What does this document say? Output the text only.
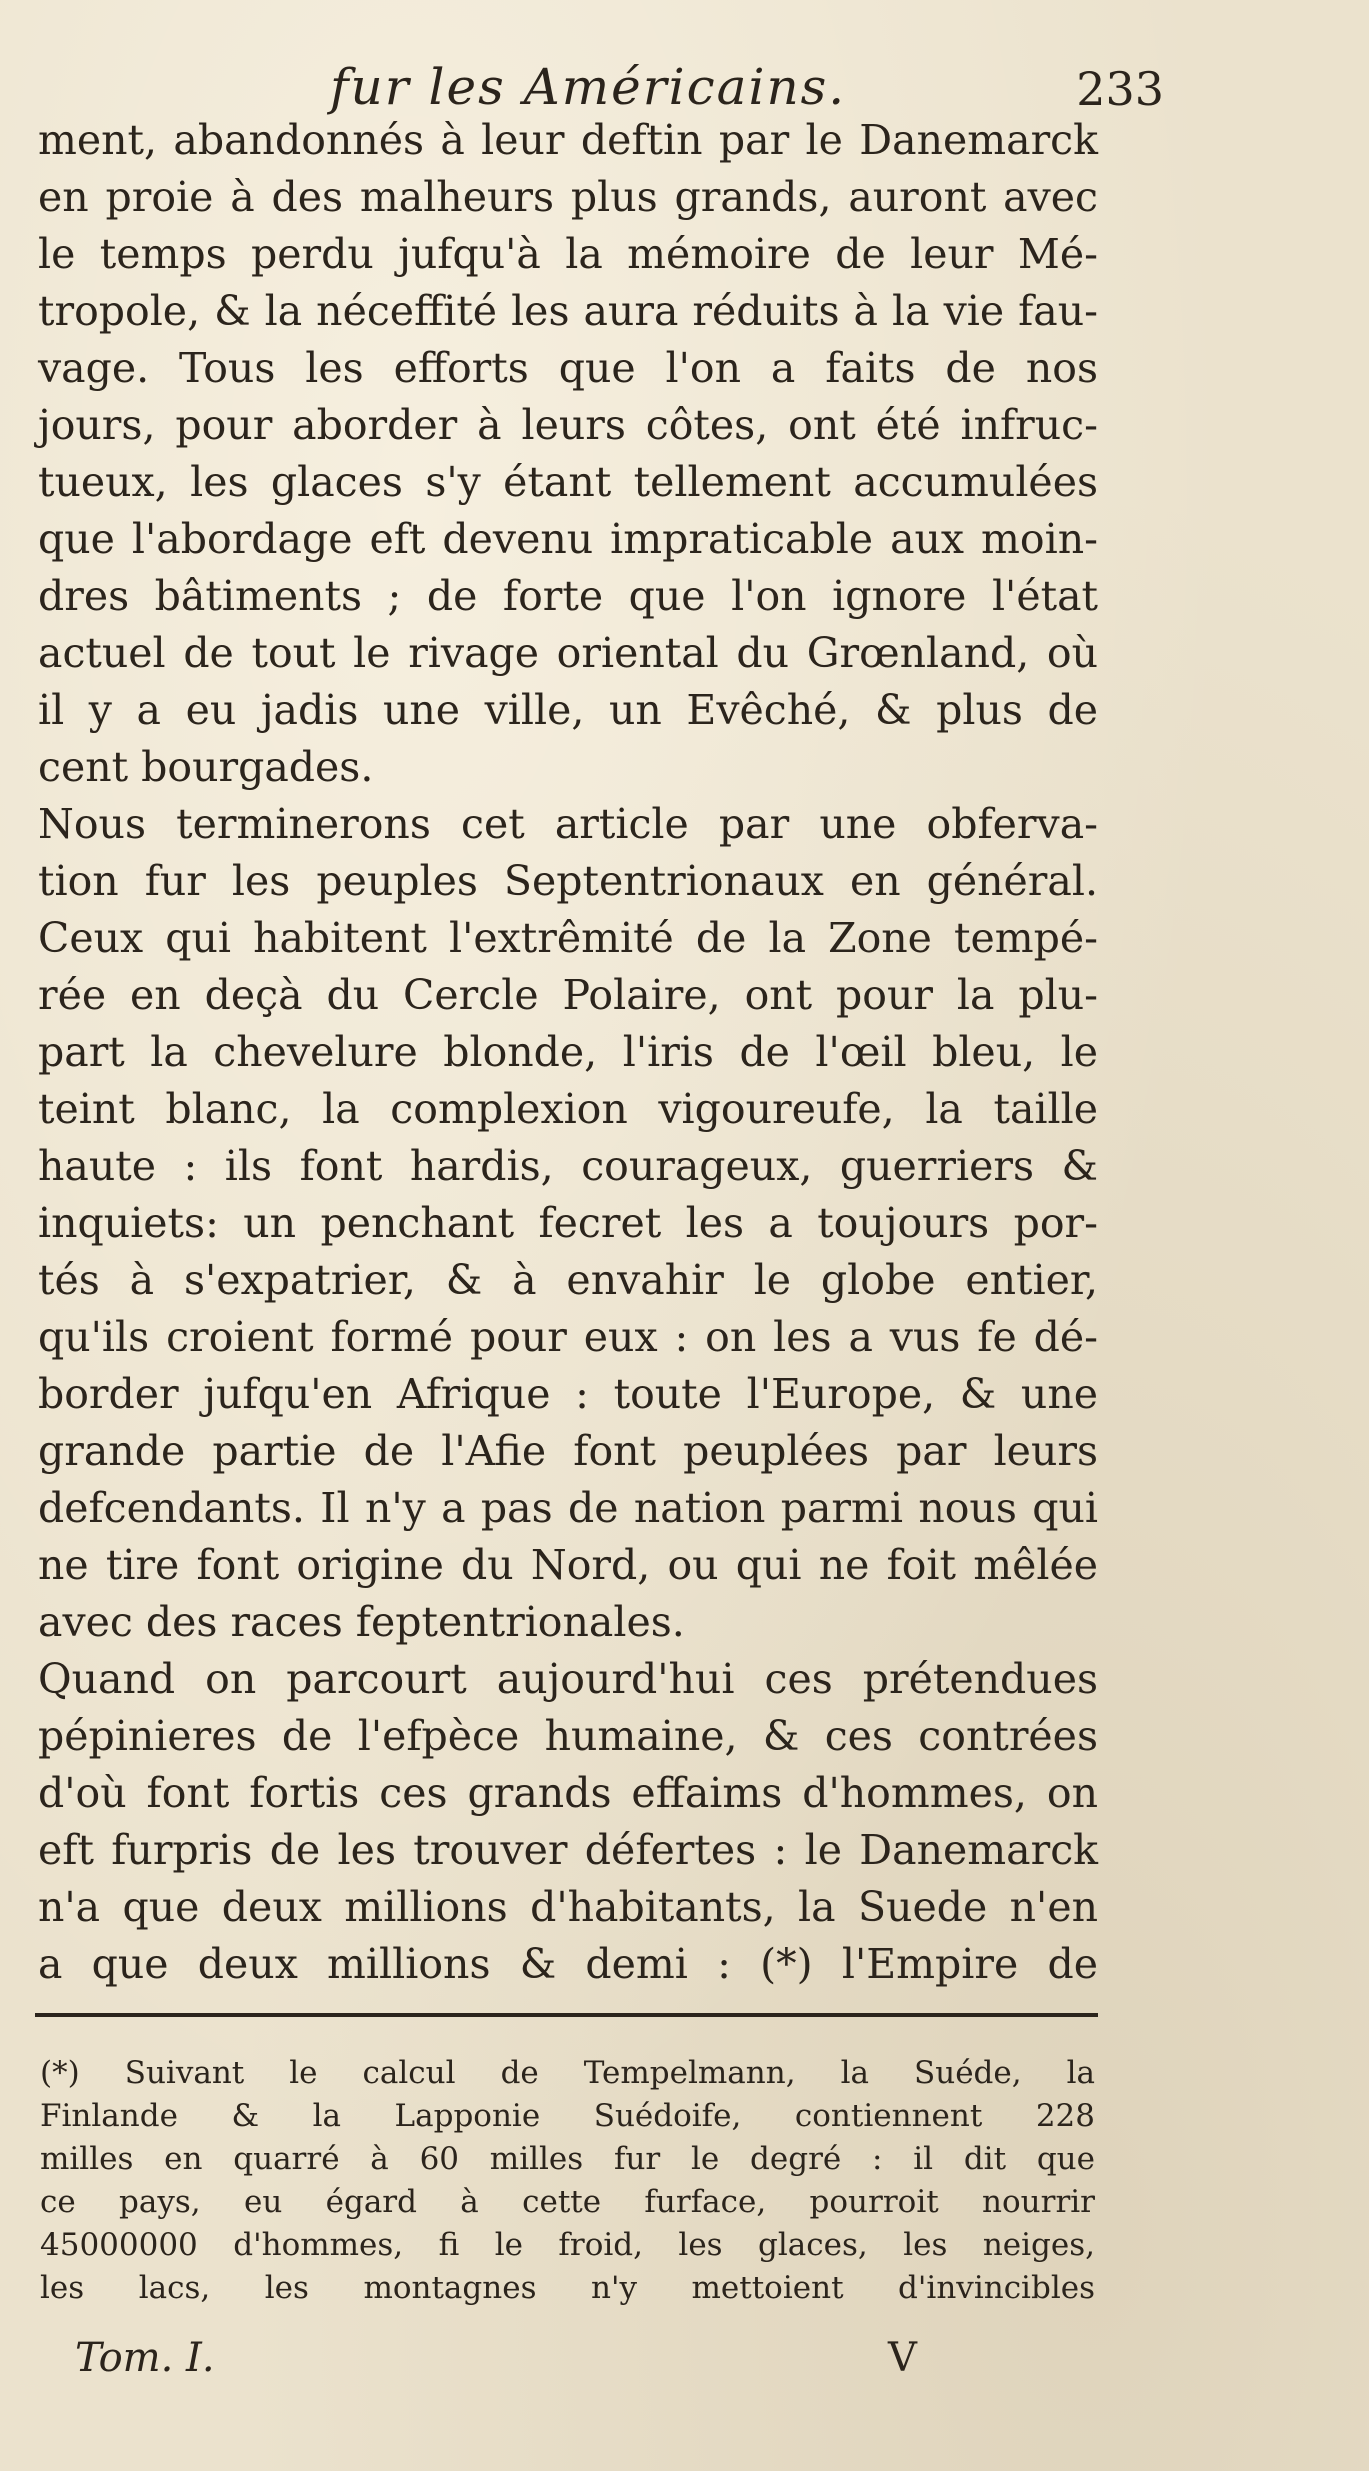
fur les Américains.	233
ment, abandonnés à leur deftin par le Danemarck
en proie à des malheurs plus grands, auront avec
le temps perdu jufqu'à la mémoire de leur Mé-
tropole, & la néceffité les aura réduits à la vie fau-
vage. Tous les efforts que l'on a faits de nos
jours, pour aborder à leurs côtes, ont été infruc-
tueux, les glaces s'y étant tellement accumulées
que l'abordage eft devenu impraticable aux moin-
dres bâtiments ; de forte que l'on ignore l'état
actuel de tout le rivage oriental du Grœnland, où
il y a eu jadis une ville, un Evêché, & plus de
cent bourgades.
Nous terminerons cet article par une obferva-
tion fur les peuples Septentrionaux en général.
Ceux qui habitent l'extrêmité de la Zone tempé-
rée en deçà du Cercle Polaire, ont pour la plu-
part la chevelure blonde, l'iris de l'œil bleu, le
teint blanc, la complexion vigoureufe, la taille
haute : ils font hardis, courageux, guerriers &
inquiets: un penchant fecret les a toujours por-
tés à s'expatrier, & à envahir le globe entier,
qu'ils croient formé pour eux : on les a vus fe dé-
border jufqu'en Afrique : toute l'Europe, & une
grande partie de l'Afie font peuplées par leurs
defcendants. Il n'y a pas de nation parmi nous qui
ne tire font origine du Nord, ou qui ne foit mêlée
avec des races feptentrionales.
Quand on parcourt aujourd'hui ces prétendues
pépinieres de l'efpèce humaine, & ces contrées
d'où font fortis ces grands effaims d'hommes, on
eft furpris de les trouver défertes : le Danemarck
n'a que deux millions d'habitants, la Suede n'en
a que deux millions & demi : (*) l'Empire de
(*) Suivant le calcul de Tempelmann, la Suéde, la
Finlande & la Lapponie Suédoife, contiennent 228
milles en quarré à 60 milles fur le degré : il dit que
ce pays, eu égard à cette furface, pourroit nourrir
45000000 d'hommes, fi le froid, les glaces, les neiges,
les lacs, les montagnes n'y mettoient d'invincibles
Tom. I.	V
